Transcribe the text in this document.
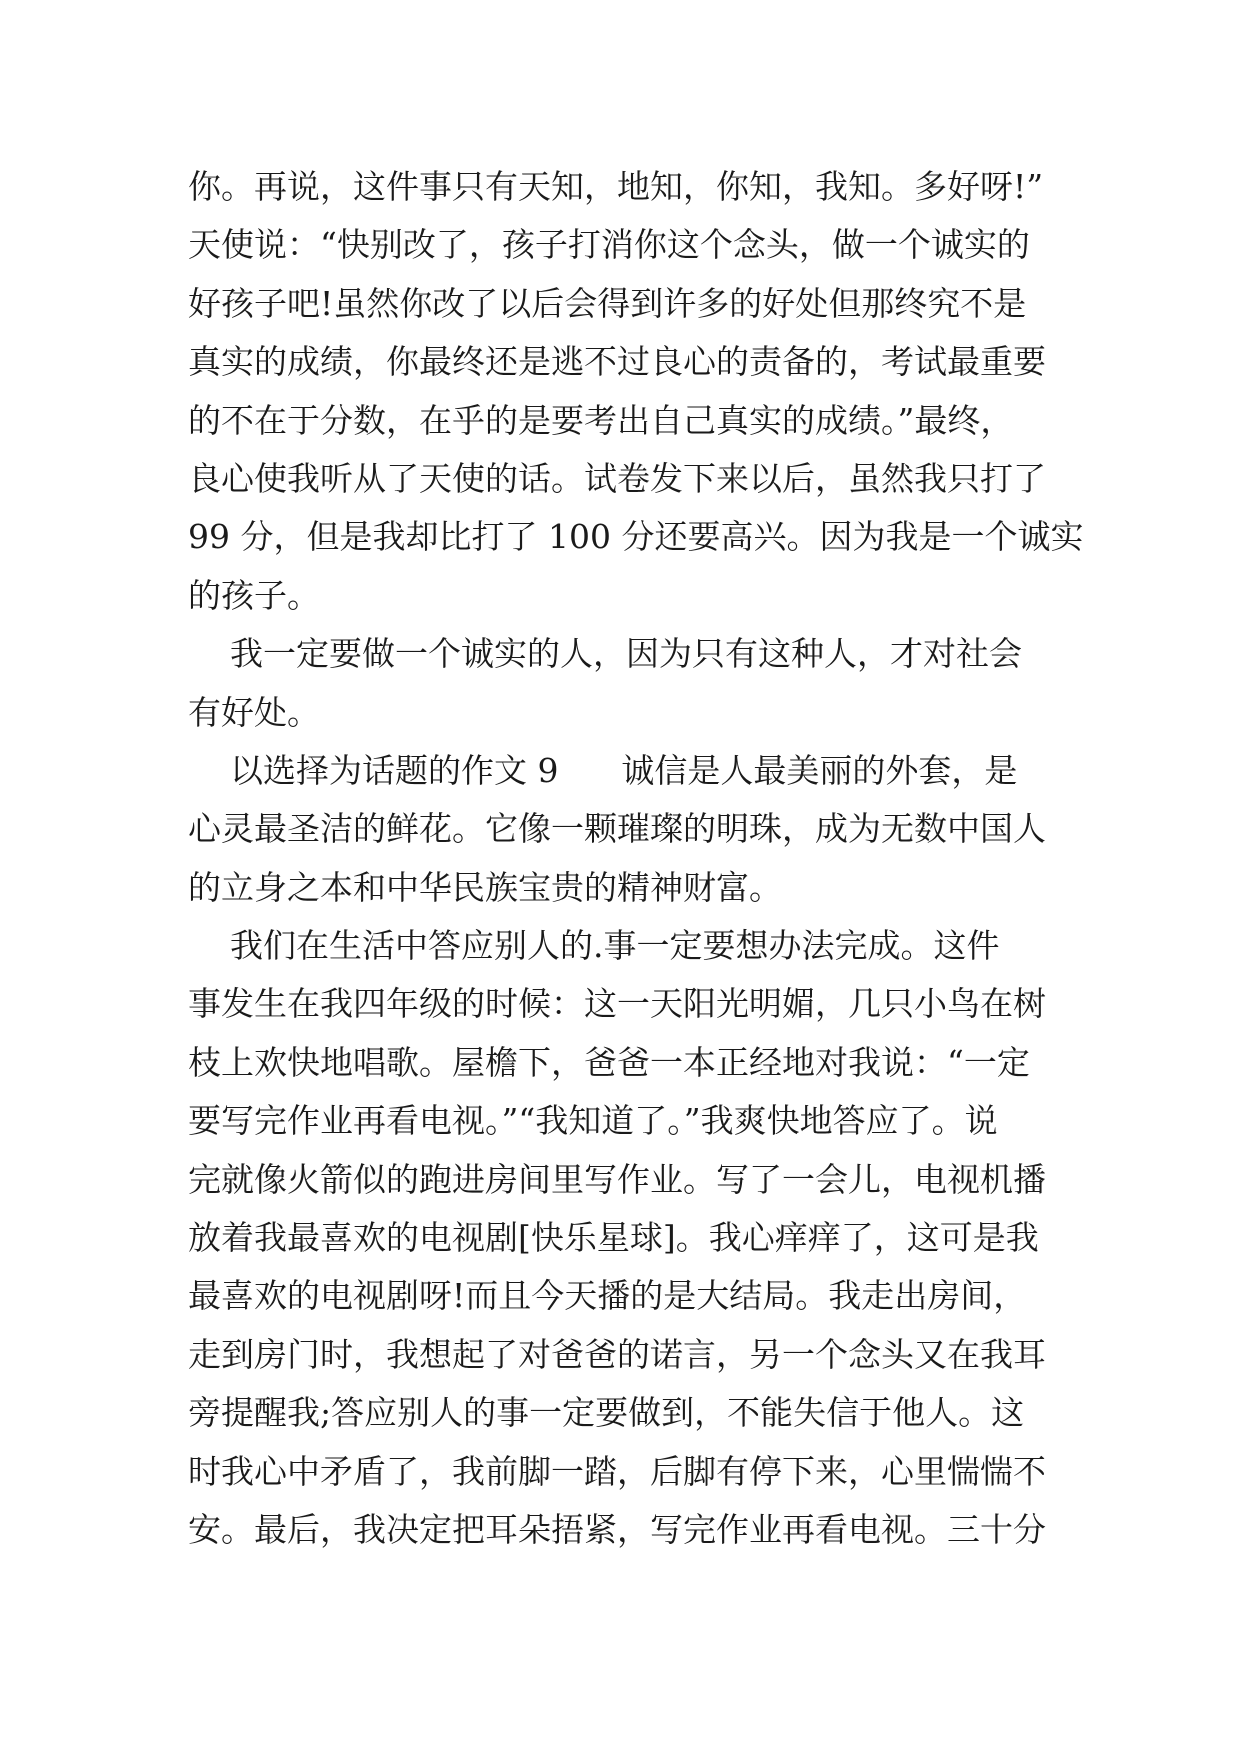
你。再说，这件事只有天知，地知，你知，我知。多好呀!”
天使说：“快别改了，孩子打消你这个念头，做一个诚实的
好孩子吧!虽然你改了以后会得到许多的好处但那终究不是
真实的成绩，你最终还是逃不过良心的责备的，考试最重要
的不在于分数，在乎的是要考出自己真实的成绩。”最终，
良心使我听从了天使的话。试卷发下来以后，虽然我只打了
99 分，但是我却比打了 100 分还要高兴。因为我是一个诚实
的孩子。
我一定要做一个诚实的人，因为只有这种人，才对社会
有好处。
以选择为话题的作文 9      诚信是人最美丽的外套，是
心灵最圣洁的鲜花。它像一颗璀璨的明珠，成为无数中国人
的立身之本和中华民族宝贵的精神财富。
我们在生活中答应别人的.事一定要想办法完成。这件
事发生在我四年级的时候：这一天阳光明媚，几只小鸟在树
枝上欢快地唱歌。屋檐下，爸爸一本正经地对我说：“一定
要写完作业再看电视。”“我知道了。”我爽快地答应了。说
完就像火箭似的跑进房间里写作业。写了一会儿，电视机播
放着我最喜欢的电视剧[快乐星球]。我心痒痒了，这可是我
最喜欢的电视剧呀!而且今天播的是大结局。我走出房间，
走到房门时，我想起了对爸爸的诺言，另一个念头又在我耳
旁提醒我;答应别人的事一定要做到，不能失信于他人。这
时我心中矛盾了，我前脚一踏，后脚有停下来，心里惴惴不
安。最后，我决定把耳朵捂紧，写完作业再看电视。三十分
